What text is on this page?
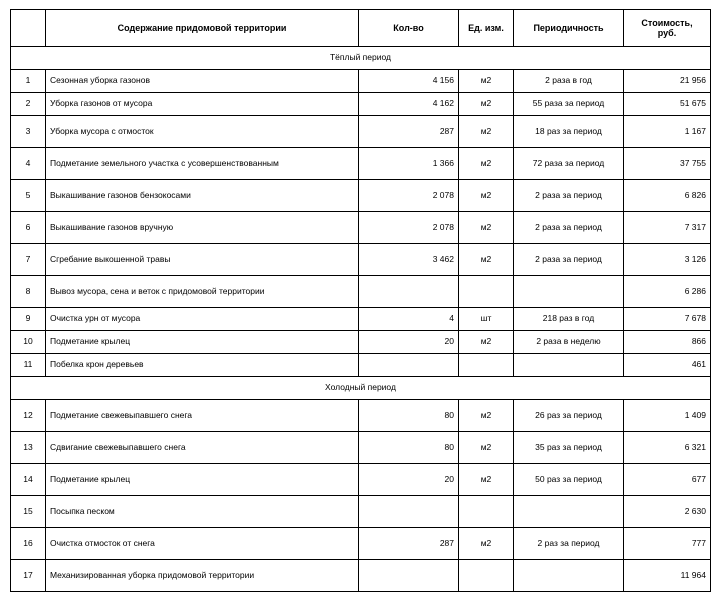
	Содержание придомовой территории	Кол-во	Ед. изм.	Периодичность	Стоимость,
руб.
Тёплый период					
1	Сезонная уборка газонов	4 156	м2	2 раза в год	21 956
2	Уборка газонов от мусора	4 162	м2	55 раза за период	51 675
3	Уборка мусора с отмосток	287	м2	18 раз за период	1 167
4	Подметание земельного участка с усовершенствованным	1 366	м2	72 раза за период	37 755
5	Выкашивание газонов бензокосами	2 078	м2	2 раза за период	6 826
6	Выкашивание газонов вручную	2 078	м2	2 раза за период	7 317
7	Сгребание выкошенной травы	3 462	м2	2 раза за период	3 126
8	Вывоз мусора, сена и веток с придомовой территории				6 286
9	Очистка урн от мусора	4	шт	218 раз в год	7 678
10	Подметание крылец	20	м2	2 раза в неделю	866
11	Побелка крон деревьев				461
Холодный период					
12	Подметание свежевыпавшего снега	80	м2	26 раз за период	1 409
13	Сдвигание свежевыпавшего снега	80	м2	35 раз за период	6 321
14	Подметание крылец	20	м2	50 раз за период	677
15	Посыпка песком				2 630
16	Очистка отмосток от снега	287	м2	2 раз за период	777
17	Механизированная уборка придомовой территории				11 964
